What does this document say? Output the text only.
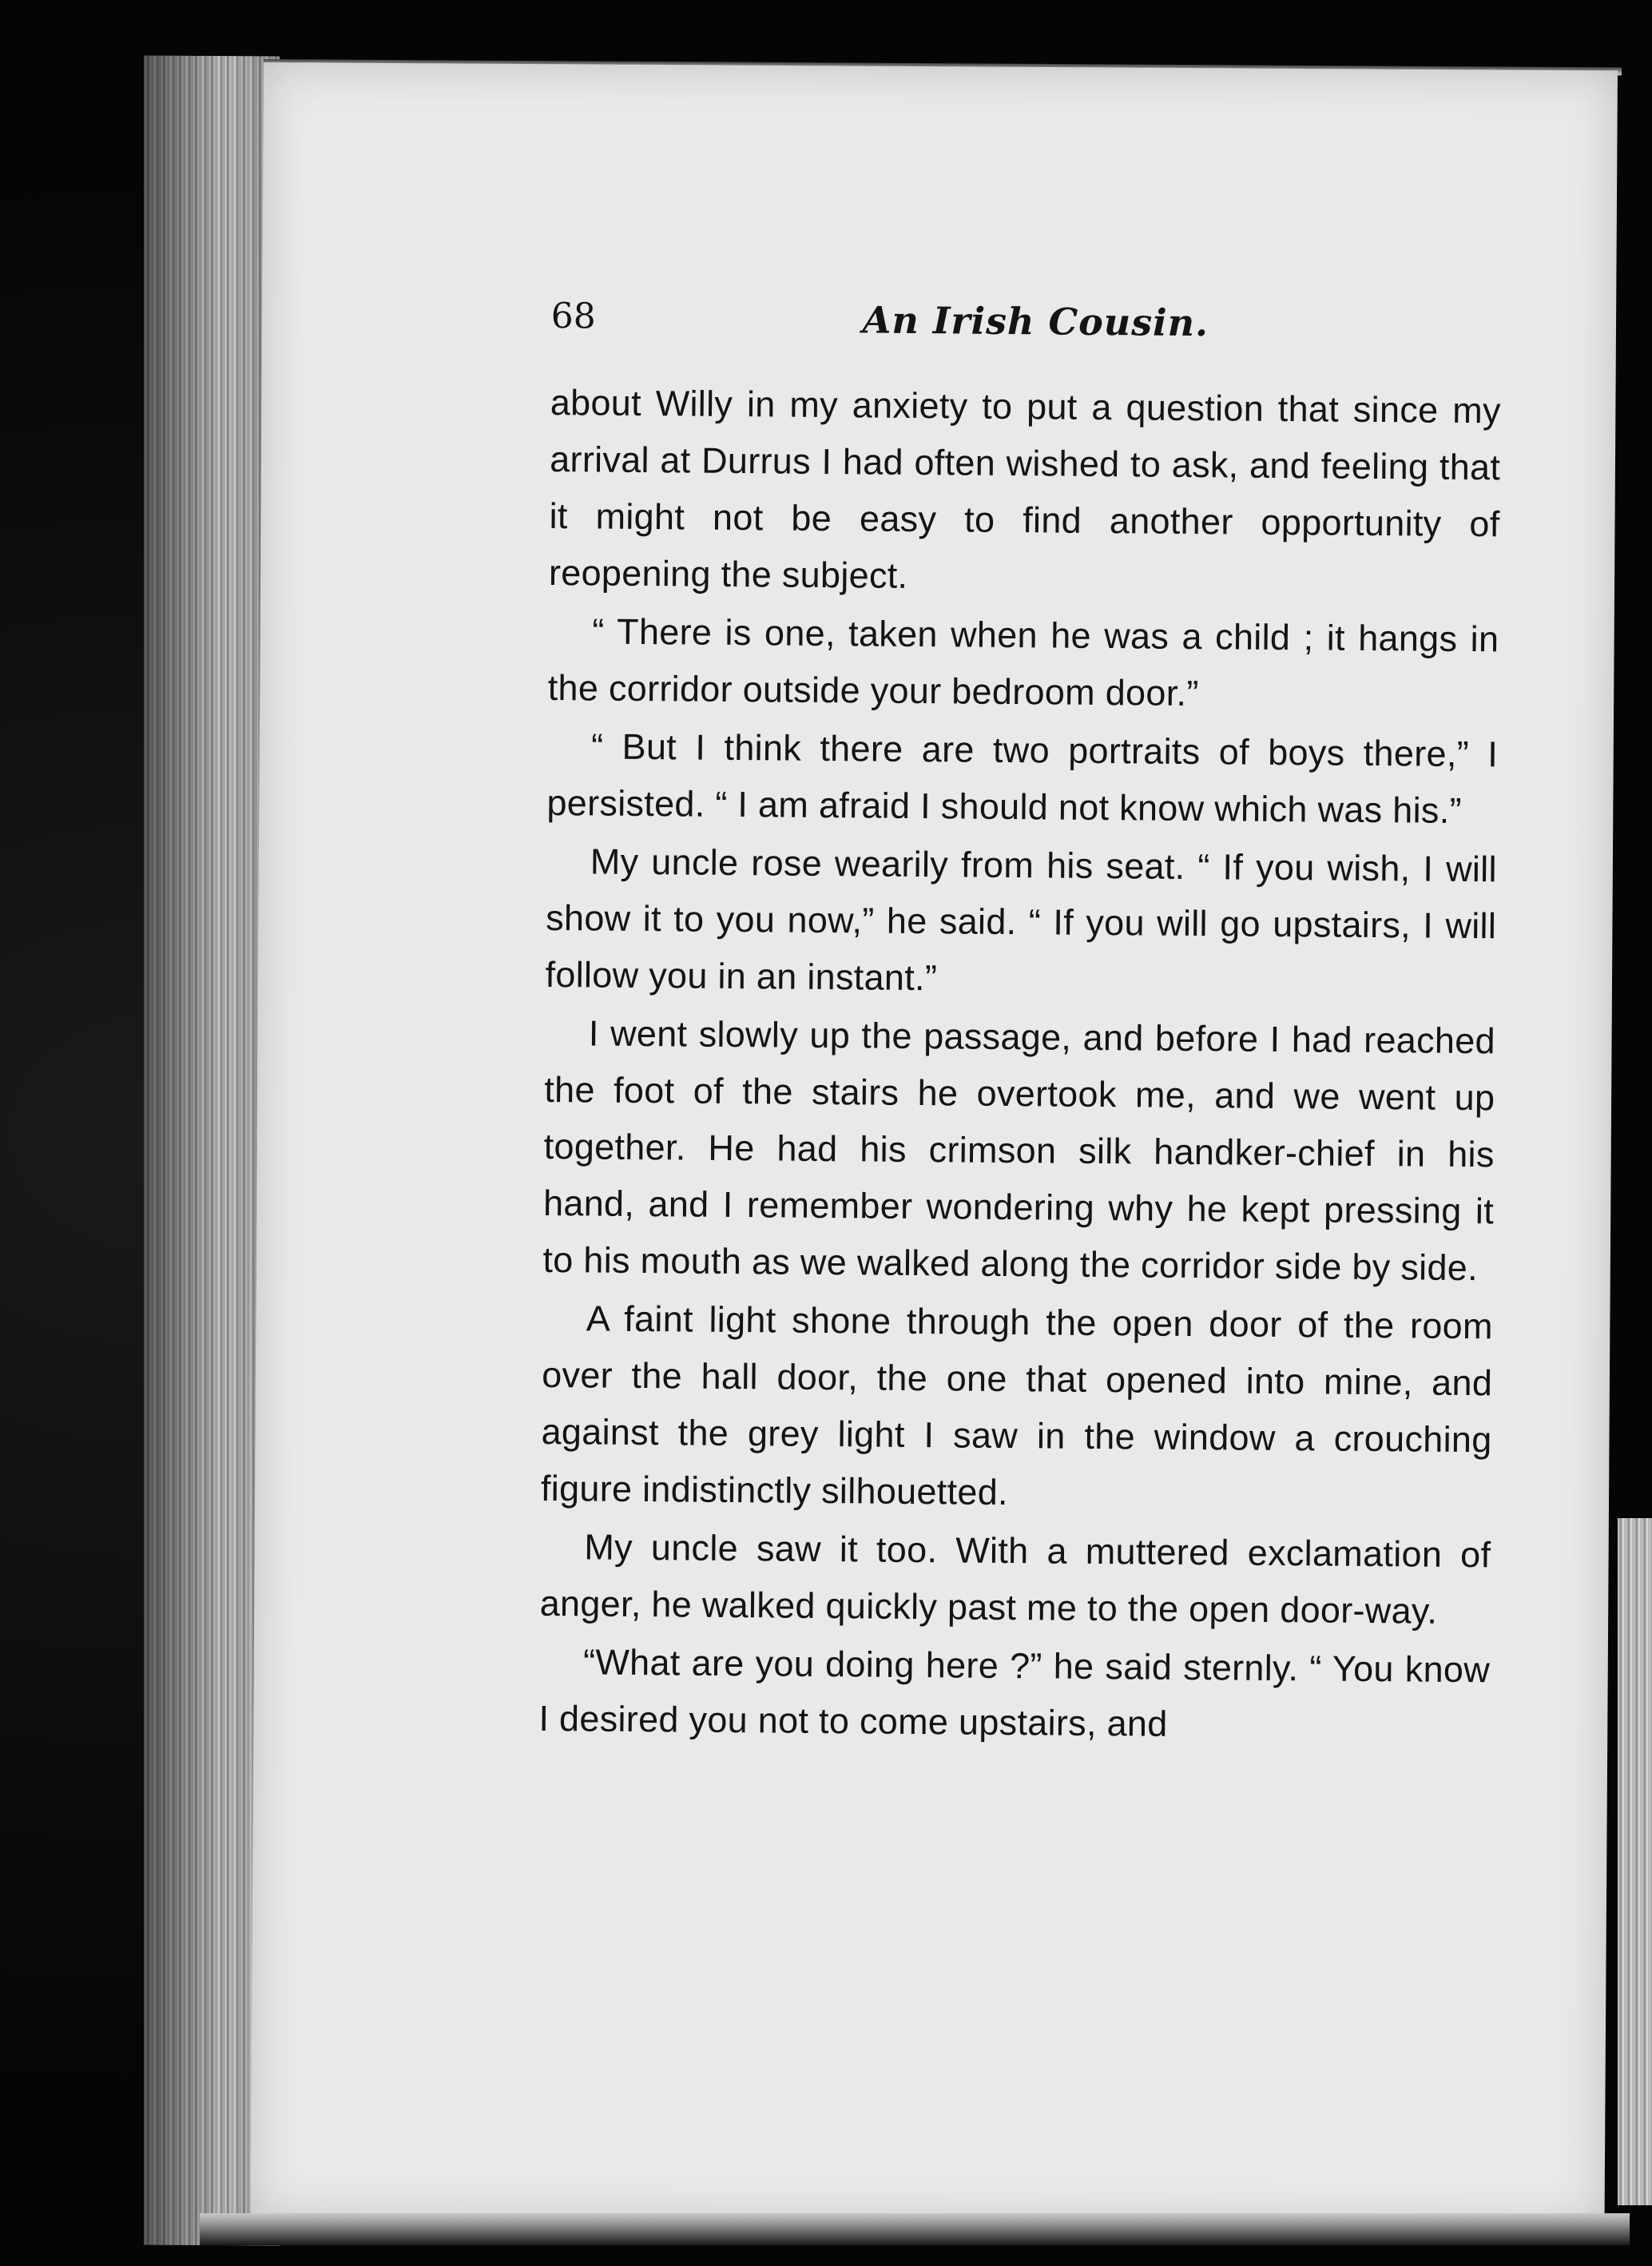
68	An Irish Cousin.

about Willy in my anxiety to put a question that since my arrival at Durrus I had often wished to ask, and feeling that it might not be easy to find another opportunity of reopening the subject.

“ There is one, taken when he was a child ; it hangs in the corridor outside your bedroom door.”

“ But I think there are two portraits of boys there,” I persisted. “ I am afraid I should not know which was his.”

My uncle rose wearily from his seat. “ If you wish, I will show it to you now,” he said. “ If you will go upstairs, I will follow you in an instant.”

I went slowly up the passage, and before I had reached the foot of the stairs he overtook me, and we went up together. He had his crimson silk handker-chief in his hand, and I remember wondering why he kept pressing it to his mouth as we walked along the corridor side by side.

A faint light shone through the open door of the room over the hall door, the one that opened into mine, and against the grey light I saw in the window a crouching figure indistinctly silhouetted.

My uncle saw it too. With a muttered exclamation of anger, he walked quickly past me to the open door-way.

“What are you doing here ?” he said sternly. “ You know I desired you not to come upstairs, and
